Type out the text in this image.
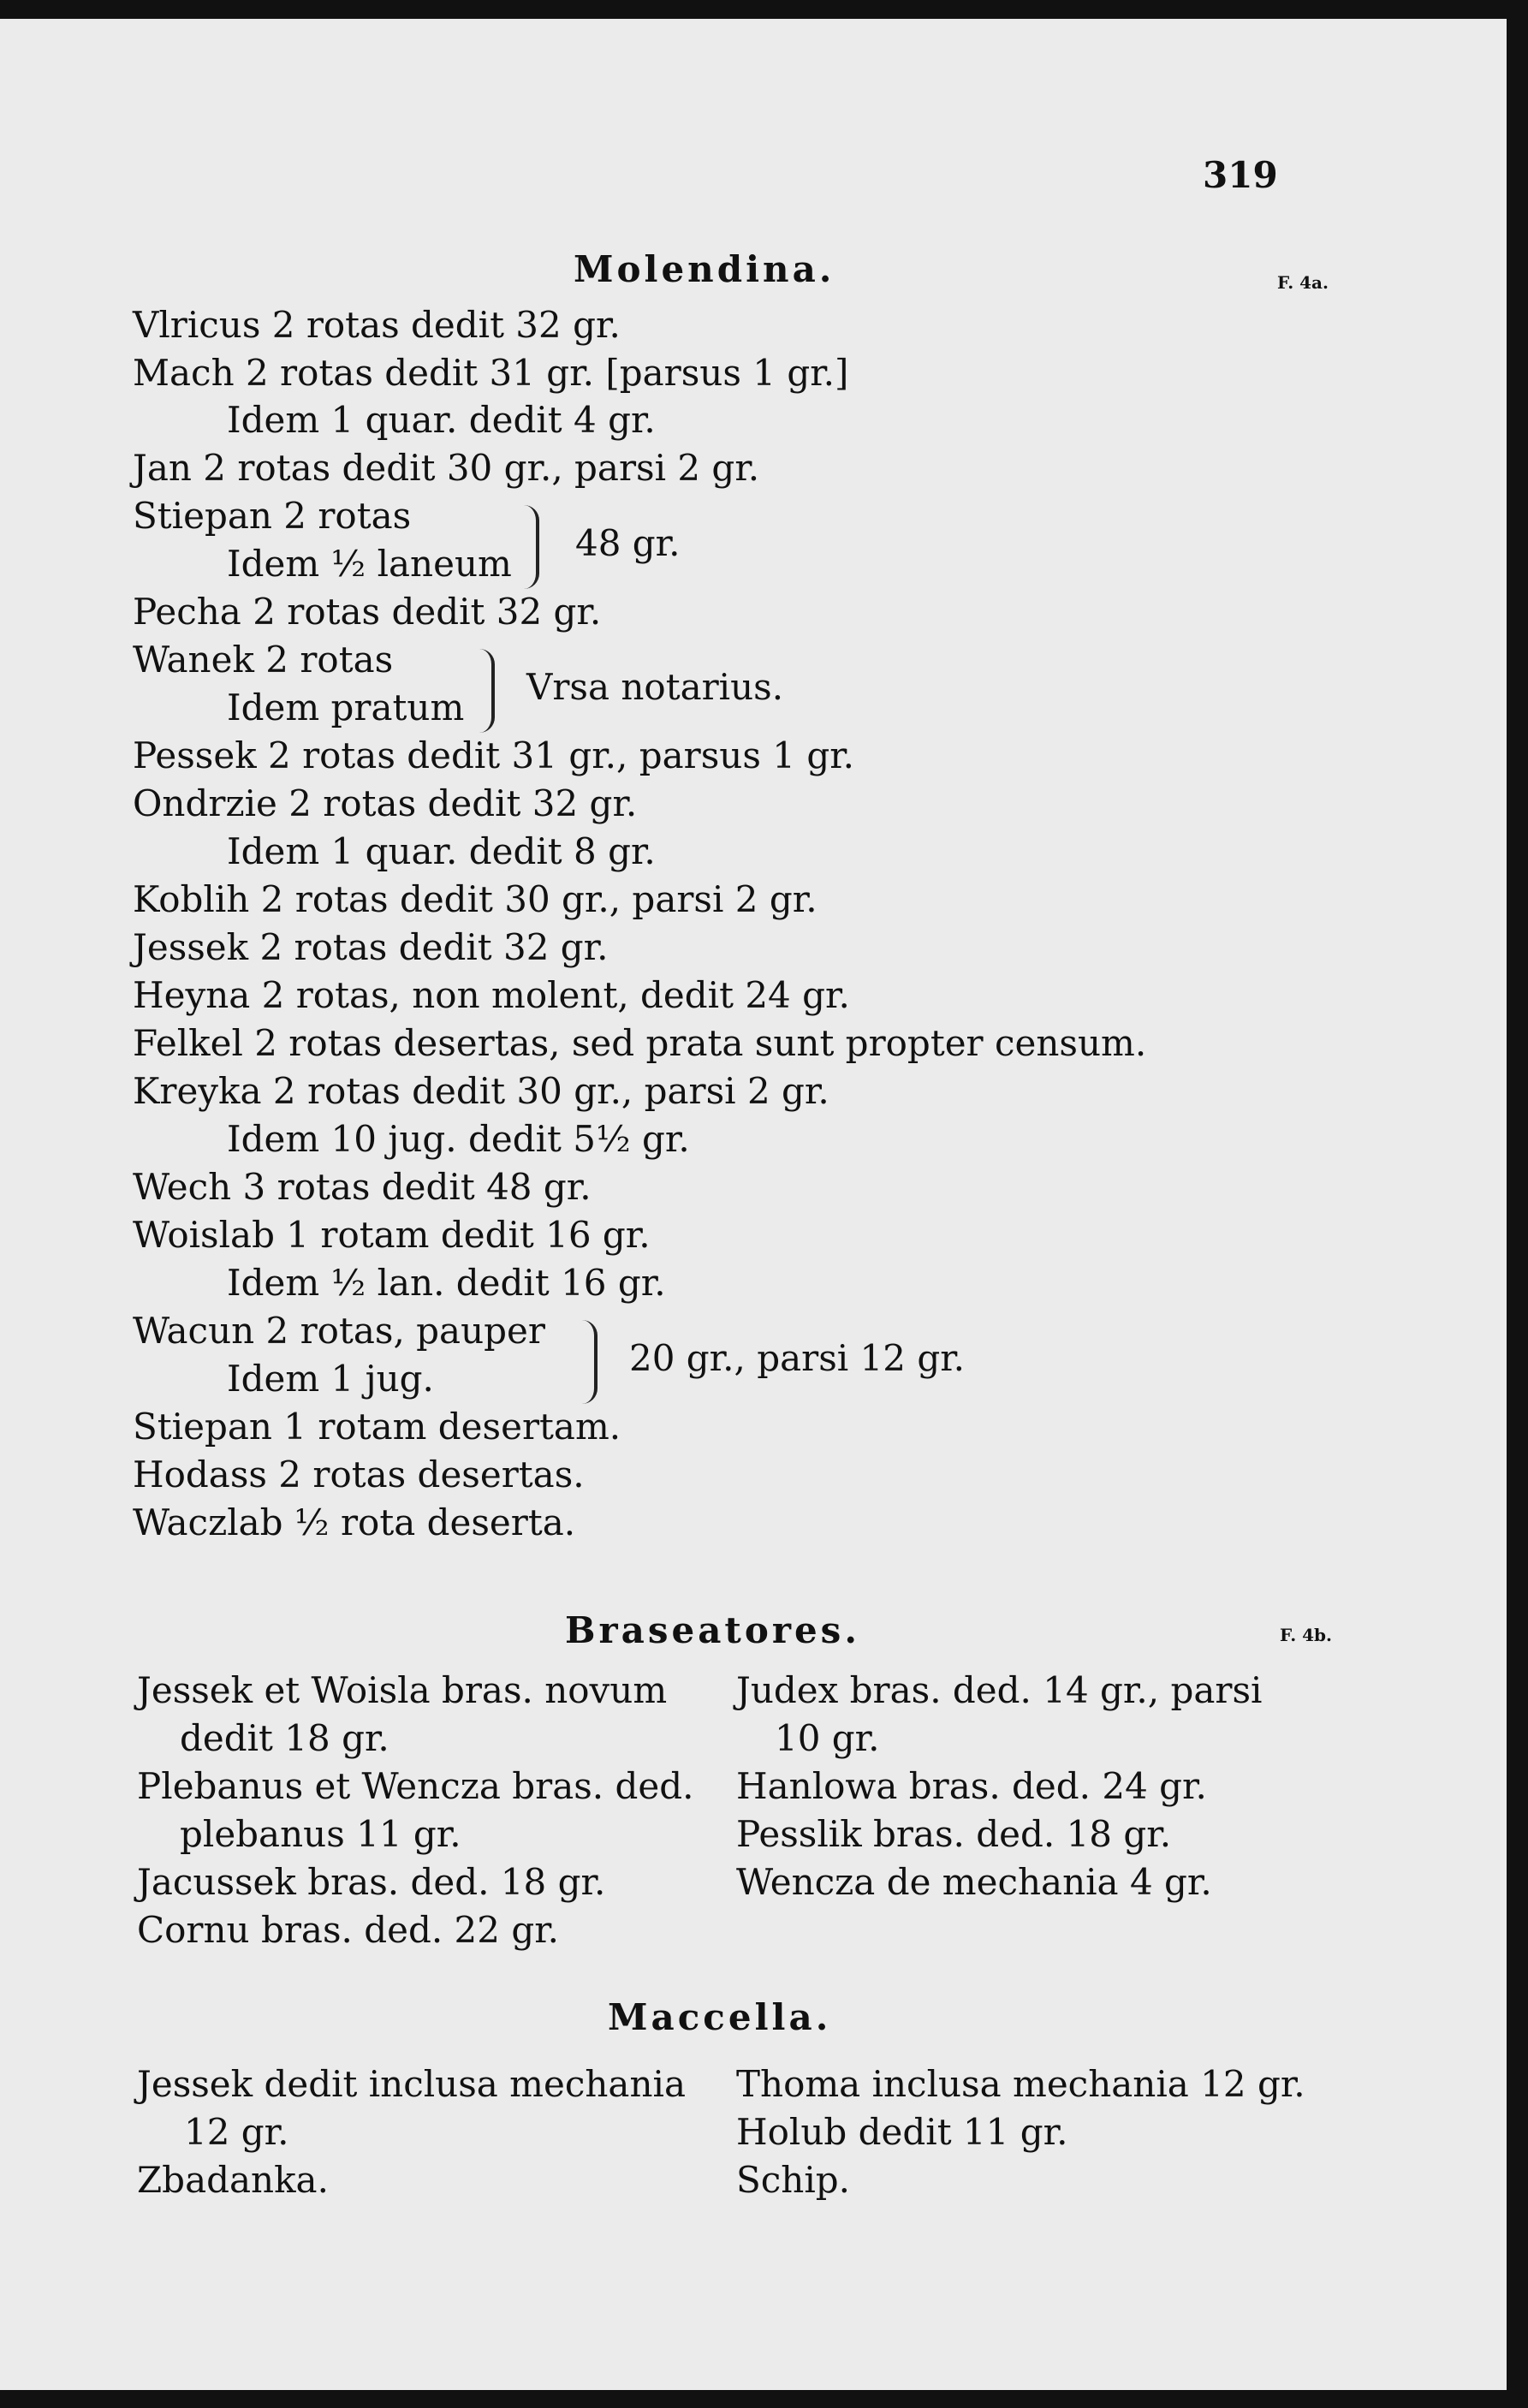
319
Molendina.	F. 4a.
Vlricus 2 rotas dedit 32 gr.
Mach 2 rotas dedit 31 gr. [parsus 1 gr.]
Idem 1 quar. dedit 4 gr.
Jan 2 rotas dedit 30 gr., parsi 2 gr.
Stiepan 2 rotas
Idem ½ laneum 48 gr.
Pecha 2 rotas dedit 32 gr.
Wanek 2 rotas
Idem pratum Vrsa notarius.
Pessek 2 rotas dedit 31 gr., parsus 1 gr.
Ondrzie 2 rotas dedit 32 gr.
Idem 1 quar. dedit 8 gr.
Koblih 2 rotas dedit 30 gr., parsi 2 gr.
Jessek 2 rotas dedit 32 gr.
Heyna 2 rotas, non molent, dedit 24 gr.
Felkel 2 rotas desertas, sed prata sunt propter censum.
Kreyka 2 rotas dedit 30 gr., parsi 2 gr.
Idem 10 jug. dedit 5½ gr.
Wech 3 rotas dedit 48 gr.
Woislab 1 rotam dedit 16 gr.
Idem ½ lan. dedit 16 gr.
Wacun 2 rotas, pauper
Idem 1 jug.	20 gr., parsi 12 gr.
Stiepan 1 rotam desertam.
Hodass 2 rotas desertas.
Waczlab ½ rota deserta.
Braseatores.	F. 4b.
Jessek et Woisla bras. novum
dedit 18 gr.
Plebanus et Wencza bras. ded.
plebanus 11 gr.
Jacussek bras. ded. 18 gr.
Cornu bras. ded. 22 gr.
Judex bras. ded. 14 gr., parsi
10 gr.
Hanlowa bras. ded. 24 gr.
Pesslik bras. ded. 18 gr.
Wencza de mechania 4 gr.
Maccella.
Jessek dedit inclusa mechania
12 gr.
Zbadanka.
Thoma inclusa mechania 12 gr.
Holub dedit 11 gr.
Schip.
